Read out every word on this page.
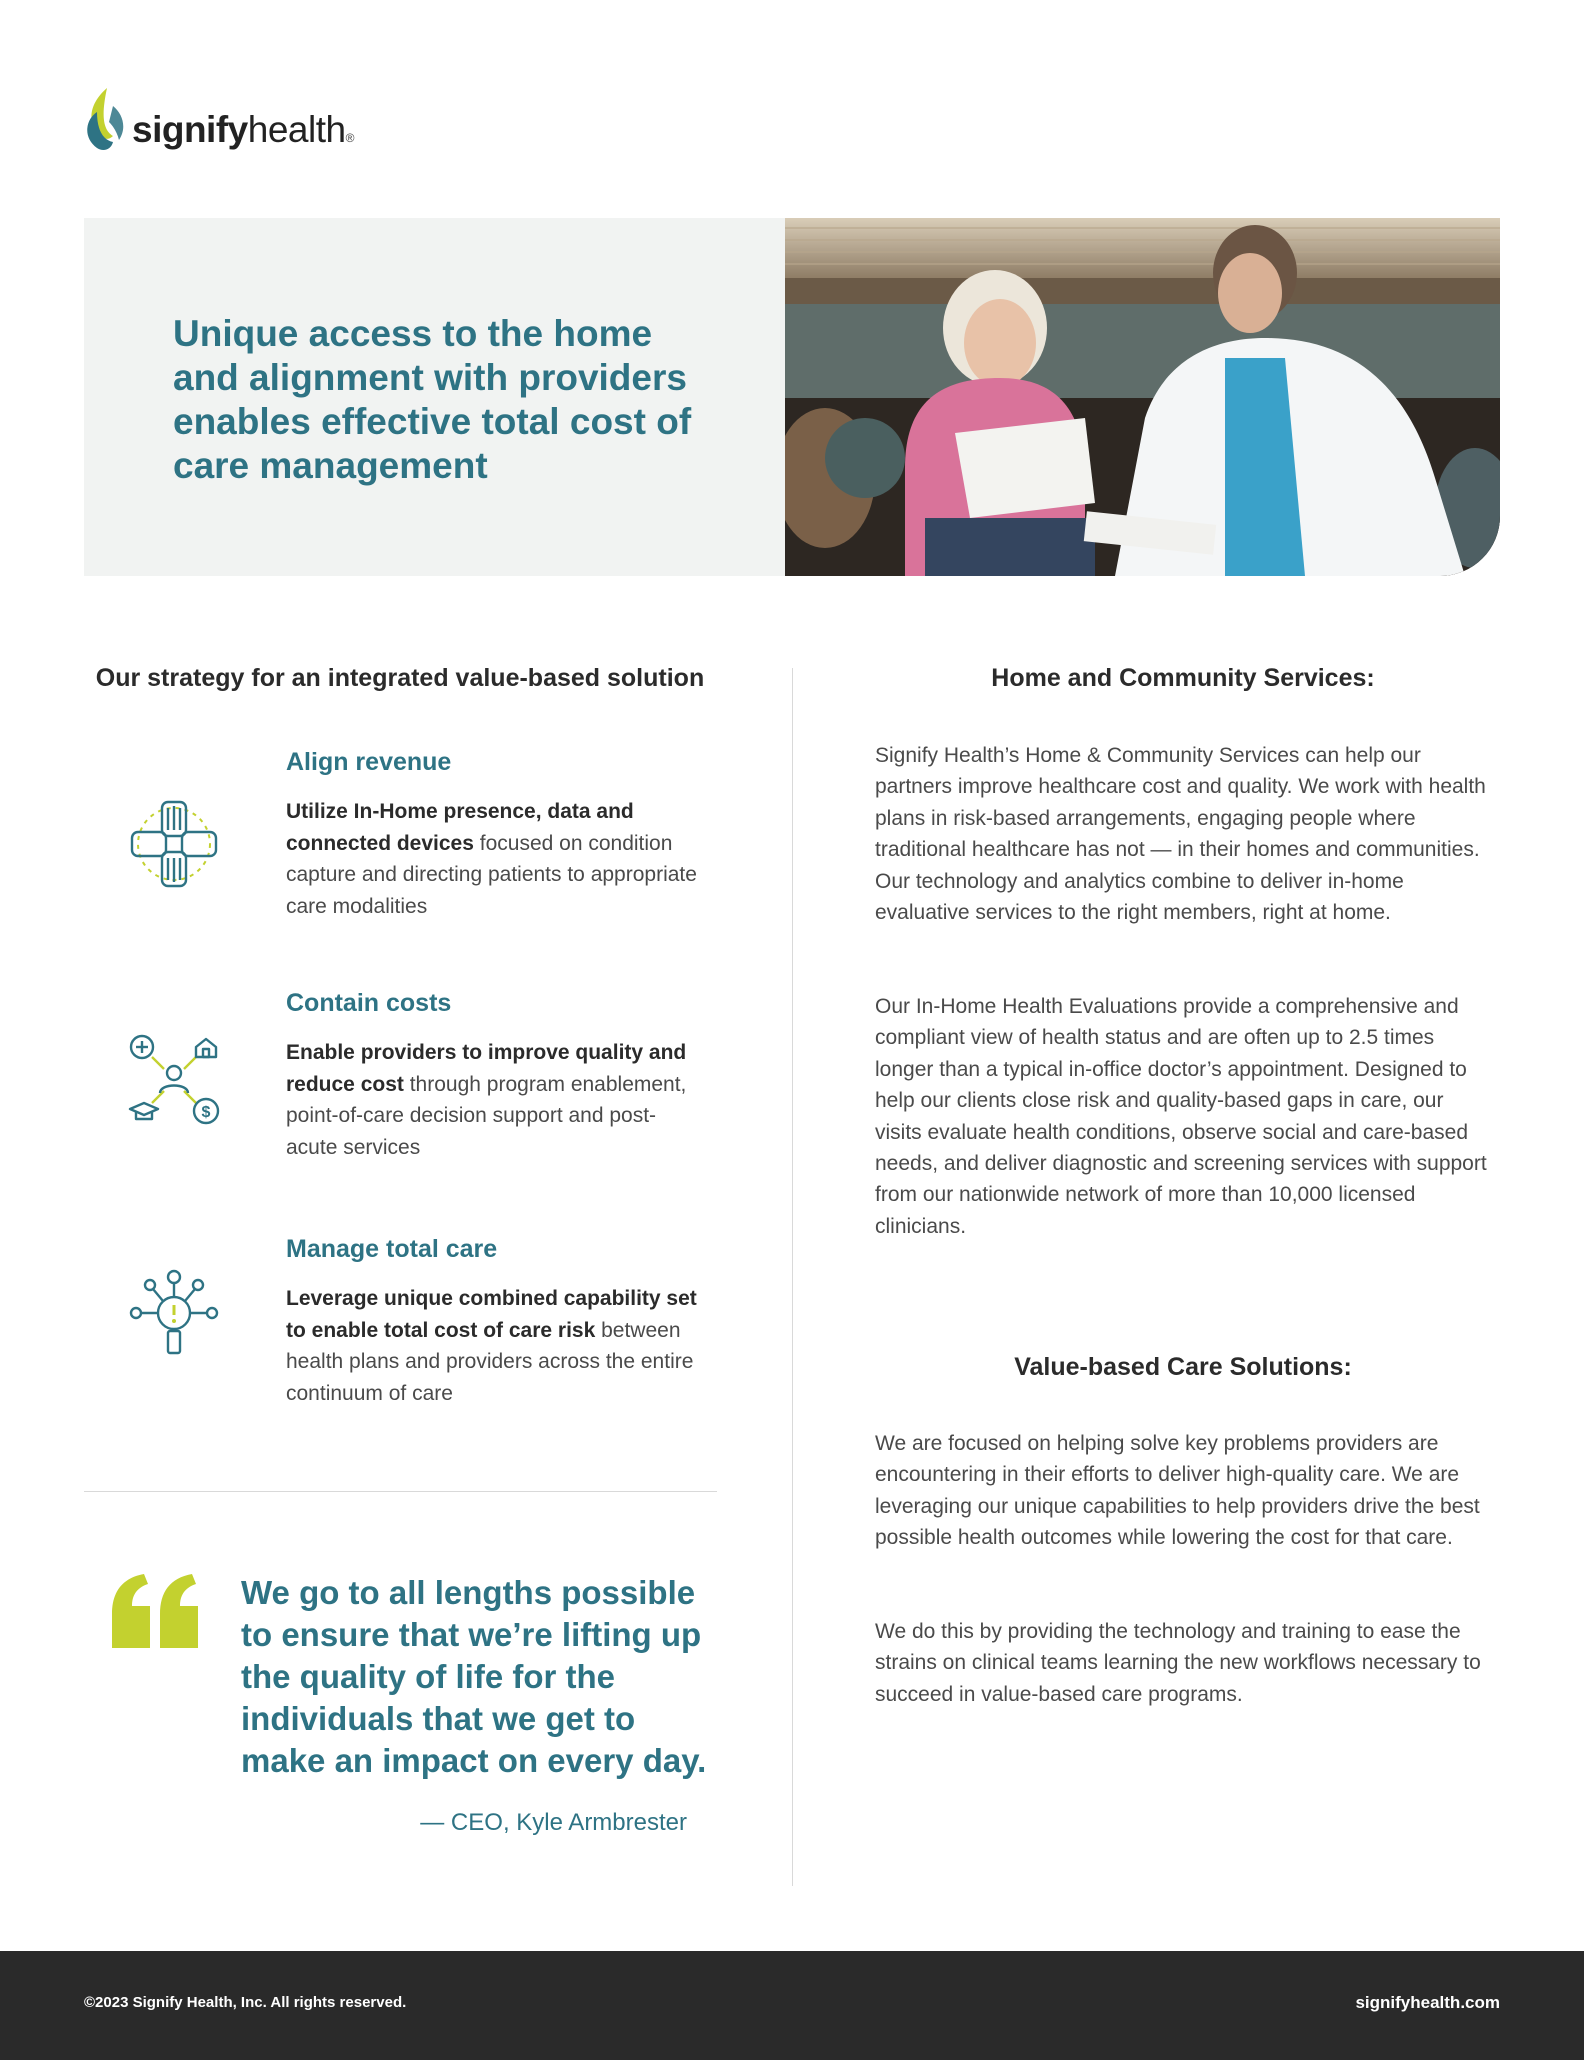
signifyhealth®
Unique access to the home and alignment with providers enables effective total cost of care management
Our strategy for an integrated value-based solution
Align revenue
Utilize In-Home presence, data and connected devices focused on condition capture and directing patients to appropriate care modalities
$
Contain costs
Enable providers to improve quality and reduce cost through program enablement, point-of-care decision support and post-acute services
Manage total care
Leverage unique combined capability set to enable total cost of care risk between health plans and providers across the entire continuum of care
We go to all lengths possible to ensure that we’re lifting up the quality of life for the individuals that we get to make an impact on every day.
— CEO, Kyle Armbrester
Home and Community Services:
Signify Health’s Home & Community Services can help our partners improve healthcare cost and quality. We work with health plans in risk-based arrangements, engaging people where traditional healthcare has not — in their homes and communities. Our technology and analytics combine to deliver in-home evaluative services to the right members, right at home.
Our In-Home Health Evaluations provide a comprehensive and compliant view of health status and are often up to 2.5 times longer than a typical in-office doctor’s appointment. Designed to help our clients close risk and quality-based gaps in care, our visits evaluate health conditions, observe social and care-based needs, and deliver diagnostic and screening services with support from our nationwide network of more than 10,000 licensed clinicians.
Value-based Care Solutions:
We are focused on helping solve key problems providers are encountering in their efforts to deliver high-quality care. We are leveraging our unique capabilities to help providers drive the best possible health outcomes while lowering the cost for that care.
We do this by providing the technology and training to ease the strains on clinical teams learning the new workflows necessary to succeed in value-based care programs.
©2023 Signify Health, Inc. All rights reserved.	signifyhealth.com
